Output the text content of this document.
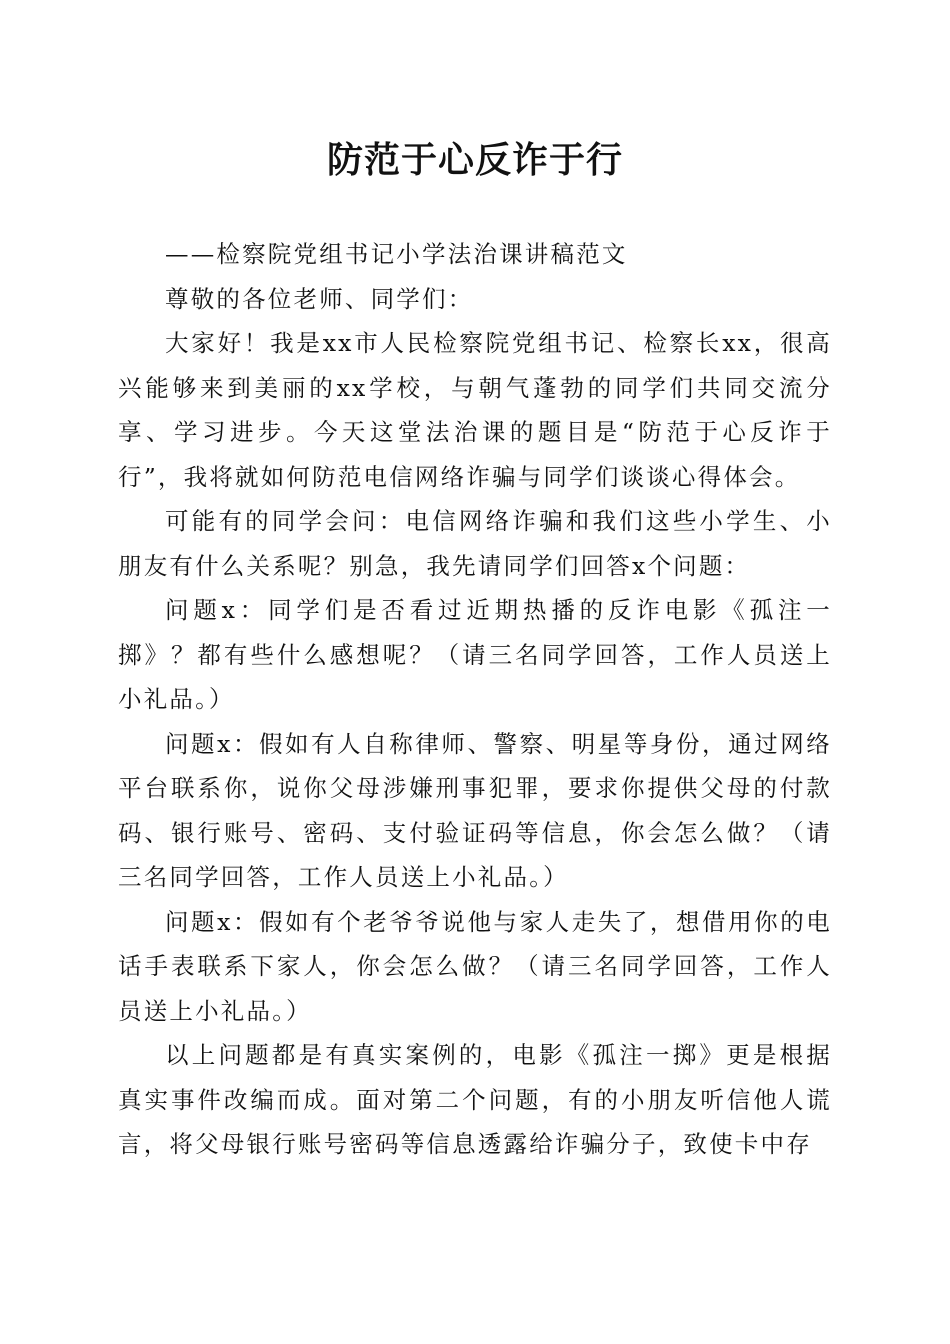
防范于心反诈于行

——检察院党组书记小学法治课讲稿范文

尊敬的各位老师、同学们：

大家好！我是xx市人民检察院党组书记、检察长xx，很高兴能够来到美丽的xx学校，与朝气蓬勃的同学们共同交流分享、学习进步。今天这堂法治课的题目是“防范于心反诈于行”，我将就如何防范电信网络诈骗与同学们谈谈心得体会。

可能有的同学会问：电信网络诈骗和我们这些小学生、小朋友有什么关系呢？别急，我先请同学们回答x个问题：

问题x：同学们是否看过近期热播的反诈电影《孤注一掷》？都有些什么感想呢？（请三名同学回答，工作人员送上小礼品。）

问题x：假如有人自称律师、警察、明星等身份，通过网络平台联系你，说你父母涉嫌刑事犯罪，要求你提供父母的付款码、银行账号、密码、支付验证码等信息，你会怎么做？（请三名同学回答，工作人员送上小礼品。）

问题x：假如有个老爷爷说他与家人走失了，想借用你的电话手表联系下家人，你会怎么做？（请三名同学回答，工作人员送上小礼品。）

以上问题都是有真实案例的，电影《孤注一掷》更是根据真实事件改编而成。面对第二个问题，有的小朋友听信他人谎言，将父母银行账号密码等信息透露给诈骗分子，致使卡中存
